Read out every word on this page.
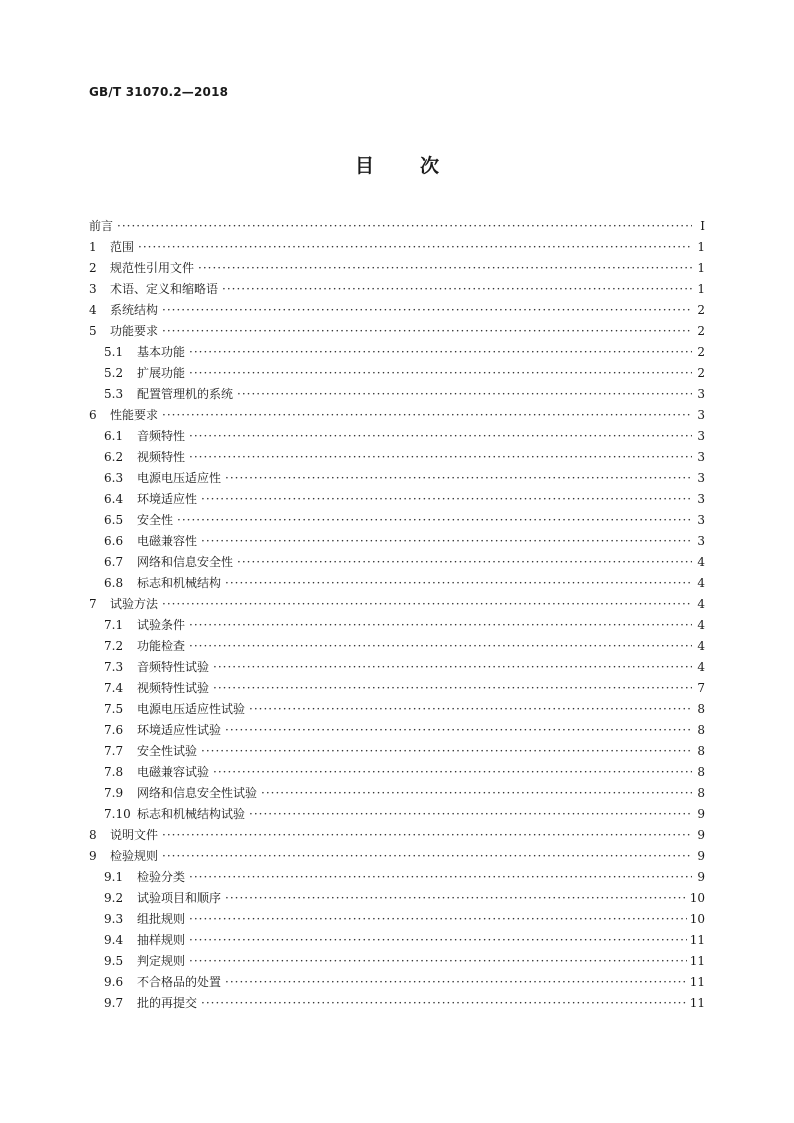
GB/T 31070.2—2018
目 次
前言 ·····	Ⅰ
1	范围 ·····	1
2	规范性引用文件 ·····	1
3	术语、定义和缩略语 ·····	1
4	系统结构 ·····	2
5	功能要求 ·····	2
5.1	基本功能 ·····	2
5.2	扩展功能 ·····	2
5.3	配置管理机的系统 ·····	3
6	性能要求 ·····	3
6.1	音频特性 ·····	3
6.2	视频特性 ·····	3
6.3	电源电压适应性 ·····	3
6.4	环境适应性 ·····	3
6.5	安全性 ·····	3
6.6	电磁兼容性 ·····	3
6.7	网络和信息安全性 ·····	4
6.8	标志和机械结构 ·····	4
7	试验方法 ·····	4
7.1	试验条件 ·····	4
7.2	功能检查 ·····	4
7.3	音频特性试验 ·····	4
7.4	视频特性试验 ·····	7
7.5	电源电压适应性试验 ·····	8
7.6	环境适应性试验 ·····	8
7.7	安全性试验 ·····	8
7.8	电磁兼容试验 ·····	8
7.9	网络和信息安全性试验 ·····	8
7.10 标志和机械结构试验 ·····	9
8	说明文件 ·····	9
9	检验规则 ·····	9
9.1	检验分类 ·····	9
9.2	试验项目和顺序 ·····	10
9.3	组批规则 ·····	10
9.4	抽样规则 ·····	11
9.5	判定规则 ·····	11
9.6	不合格品的处置 ·····	11
9.7	批的再提交 ·····	11
